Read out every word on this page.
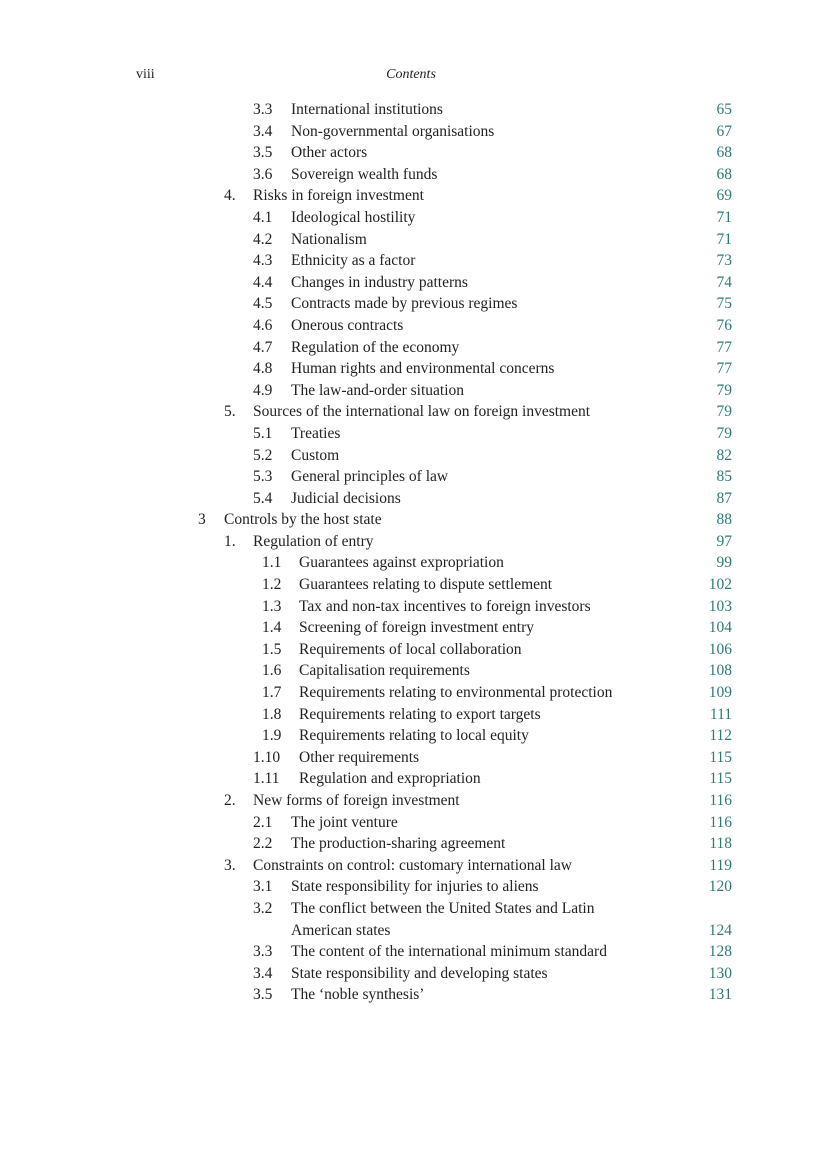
viii	Contents
3.3 International institutions	65
3.4 Non-governmental organisations	67
3.5 Other actors	68
3.6 Sovereign wealth funds	68
4. Risks in foreign investment	69
4.1 Ideological hostility	71
4.2 Nationalism	71
4.3 Ethnicity as a factor	73
4.4 Changes in industry patterns	74
4.5 Contracts made by previous regimes	75
4.6 Onerous contracts	76
4.7 Regulation of the economy	77
4.8 Human rights and environmental concerns	77
4.9 The law-and-order situation	79
5. Sources of the international law on foreign investment	79
5.1 Treaties	79
5.2 Custom	82
5.3 General principles of law	85
5.4 Judicial decisions	87
3 Controls by the host state	88
1. Regulation of entry	97
1.1 Guarantees against expropriation	99
1.2 Guarantees relating to dispute settlement	102
1.3 Tax and non-tax incentives to foreign investors	103
1.4 Screening of foreign investment entry	104
1.5 Requirements of local collaboration	106
1.6 Capitalisation requirements	108
1.7 Requirements relating to environmental protection	109
1.8 Requirements relating to export targets	111
1.9 Requirements relating to local equity	112
1.10 Other requirements	115
1.11 Regulation and expropriation	115
2. New forms of foreign investment	116
2.1 The joint venture	116
2.2 The production-sharing agreement	118
3. Constraints on control: customary international law	119
3.1 State responsibility for injuries to aliens	120
3.2 The conflict between the United States and Latin
American states	124
3.3 The content of the international minimum standard	128
3.4 State responsibility and developing states	130
3.5 The ‘noble synthesis’	131
